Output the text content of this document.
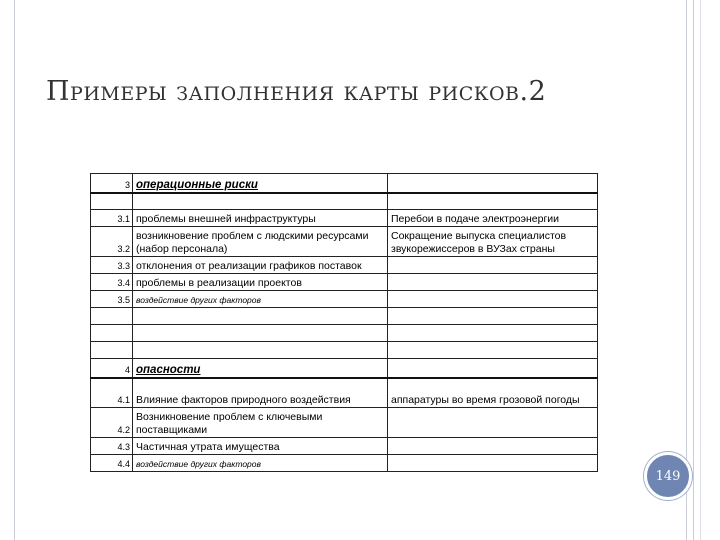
Примеры заполнения карты рисков.2
3	операционные риски	

3.1	проблемы внешней инфраструктуры	Перебои в подаче электроэнергии
3.2	возникновение проблем с людскими ресурсами (набор персонала)	Сокращение выпуска специалистов звукорежиссеров в ВУЗах страны
3.3	отклонения от реализации графиков поставок	
3.4	проблемы в реализации проектов	
3.5	воздействие других факторов	

4	опасности	
4.1	Влияние факторов природного воздействия	аппаратуры во время грозовой погоды
4.2	Возникновение проблем с ключевыми поставщиками	
4.3	Частичная утрата имущества	
4.4	воздействие других факторов	
149
